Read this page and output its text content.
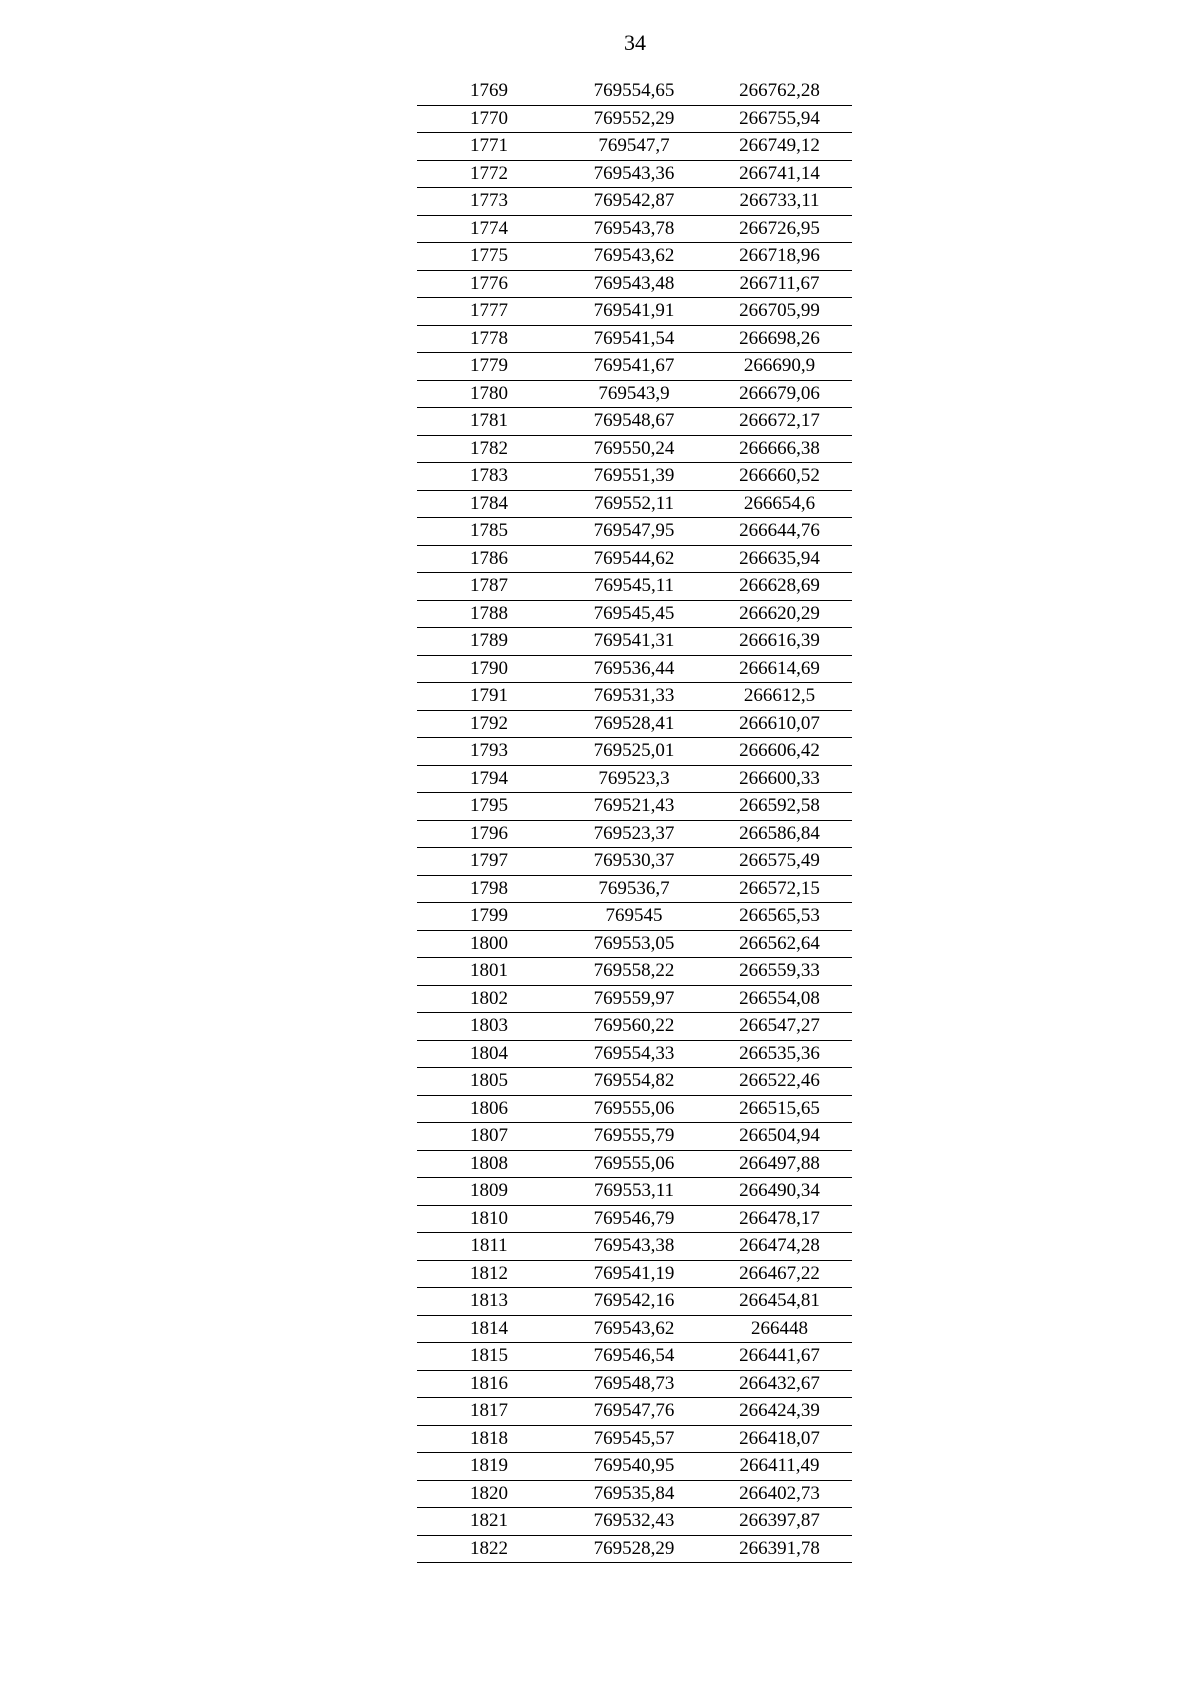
34
1769	769554,65	266762,28
1770	769552,29	266755,94
1771	769547,7	266749,12
1772	769543,36	266741,14
1773	769542,87	266733,11
1774	769543,78	266726,95
1775	769543,62	266718,96
1776	769543,48	266711,67
1777	769541,91	266705,99
1778	769541,54	266698,26
1779	769541,67	266690,9
1780	769543,9	266679,06
1781	769548,67	266672,17
1782	769550,24	266666,38
1783	769551,39	266660,52
1784	769552,11	266654,6
1785	769547,95	266644,76
1786	769544,62	266635,94
1787	769545,11	266628,69
1788	769545,45	266620,29
1789	769541,31	266616,39
1790	769536,44	266614,69
1791	769531,33	266612,5
1792	769528,41	266610,07
1793	769525,01	266606,42
1794	769523,3	266600,33
1795	769521,43	266592,58
1796	769523,37	266586,84
1797	769530,37	266575,49
1798	769536,7	266572,15
1799	769545	266565,53
1800	769553,05	266562,64
1801	769558,22	266559,33
1802	769559,97	266554,08
1803	769560,22	266547,27
1804	769554,33	266535,36
1805	769554,82	266522,46
1806	769555,06	266515,65
1807	769555,79	266504,94
1808	769555,06	266497,88
1809	769553,11	266490,34
1810	769546,79	266478,17
1811	769543,38	266474,28
1812	769541,19	266467,22
1813	769542,16	266454,81
1814	769543,62	266448
1815	769546,54	266441,67
1816	769548,73	266432,67
1817	769547,76	266424,39
1818	769545,57	266418,07
1819	769540,95	266411,49
1820	769535,84	266402,73
1821	769532,43	266397,87
1822	769528,29	266391,78
